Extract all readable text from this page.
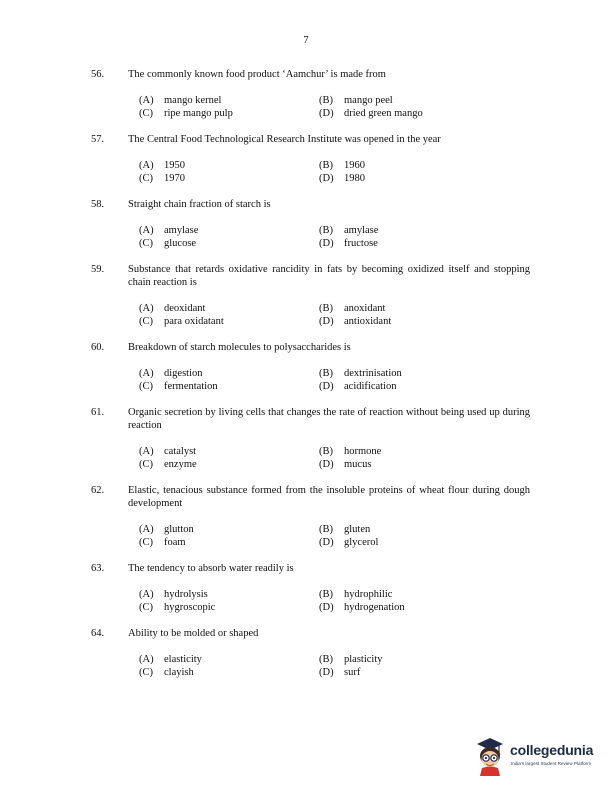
7
56. The commonly known food product ‘Aamchur’ is made from
(A) mango kernel	(B) mango peel
(C) ripe mango pulp	(D) dried green mango
57. The Central Food Technological Research Institute was opened in the year
(A) 1950	(B) 1960
(C) 1970	(D) 1980
58. Straight chain fraction of starch is
(A) amylase	(B) amylase
(C) glucose	(D) fructose
59. Substance that retards oxidative rancidity in fats by becoming oxidized itself and stopping chain reaction is
(A) deoxidant	(B) anoxidant
(C) para oxidatant	(D) antioxidant
60. Breakdown of starch molecules to polysaccharides is
(A) digestion	(B) dextrinisation
(C) fermentation	(D) acidification
61. Organic secretion by living cells that changes the rate of reaction without being used up during reaction
(A) catalyst	(B) hormone
(C) enzyme	(D) mucus
62. Elastic, tenacious substance formed from the insoluble proteins of wheat flour during dough development
(A) glutton	(B) gluten
(C) foam	(D) glycerol
63. The tendency to absorb water readily is
(A) hydrolysis	(B) hydrophilic
(C) hygroscopic	(D) hydrogenation
64. Ability to be molded or shaped
(A) elasticity	(B) plasticity
(C) clayish	(D) surf
collegedunia
India's largest Student Review Platform
